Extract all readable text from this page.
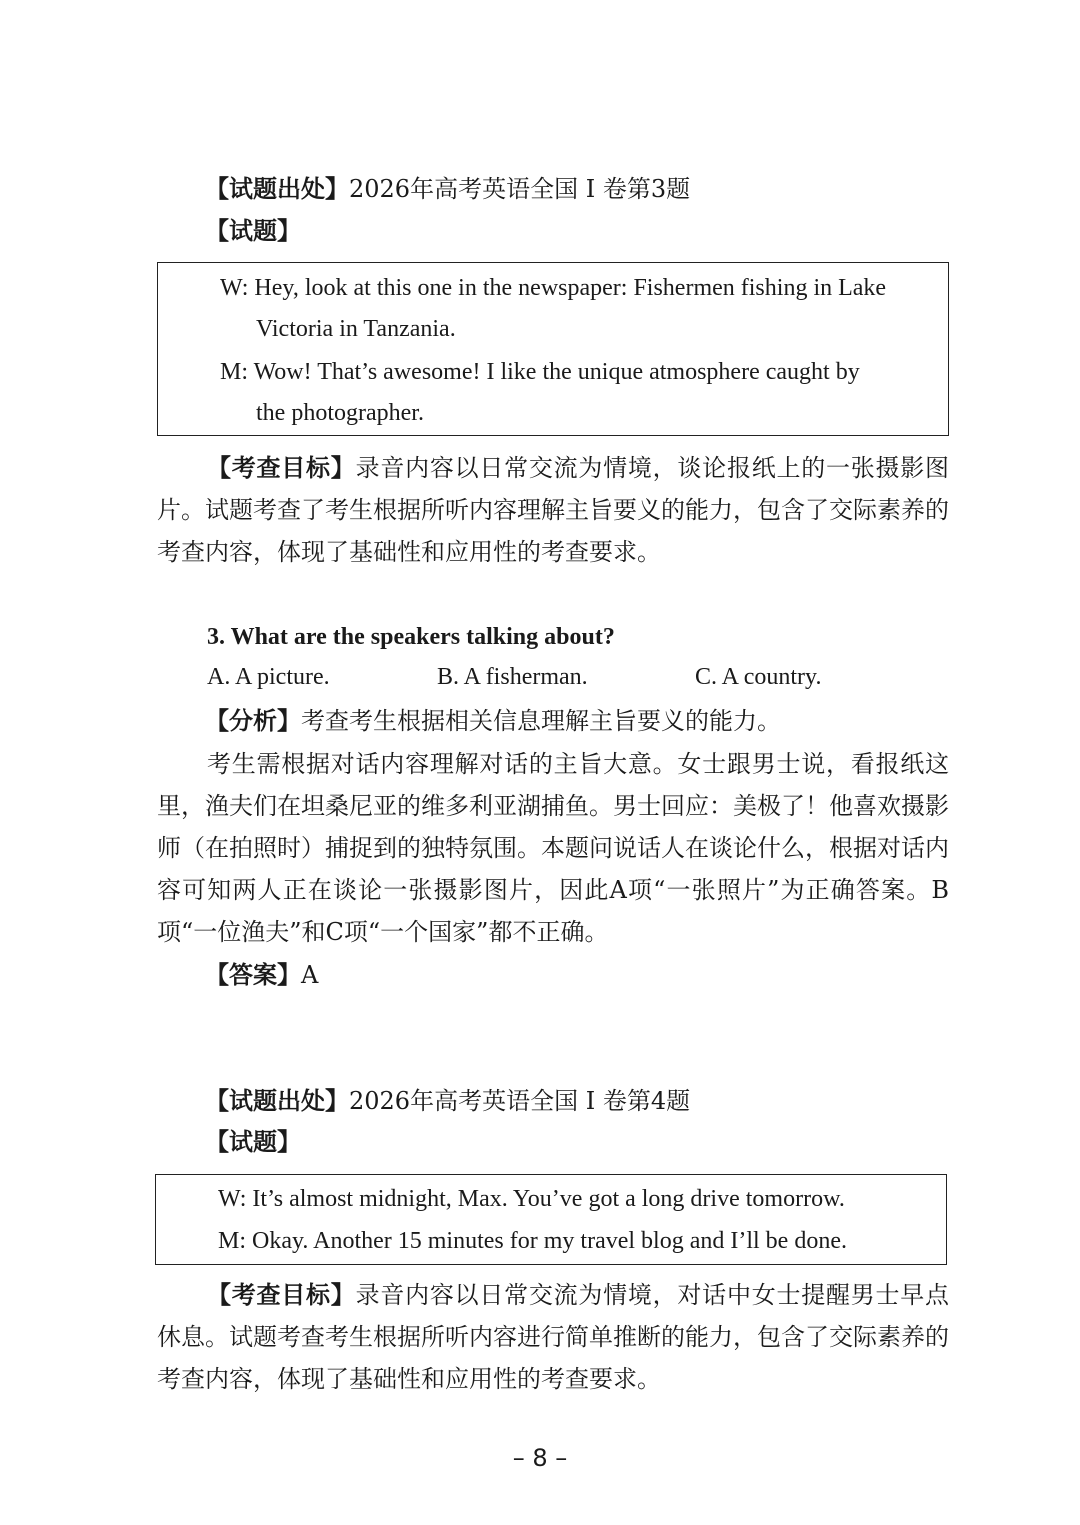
【试题出处】2026年高考英语全国 I 卷第3题
【试题】
W: Hey, look at this one in the newspaper: Fishermen fishing in Lake
Victoria in Tanzania.
M: Wow! That’s awesome! I like the unique atmosphere caught by
the photographer.
【考查目标】录音内容以日常交流为情境，谈论报纸上的一张摄影图片。试题考查了考生根据所听内容理解主旨要义的能力，包含了交际素养的考查内容，体现了基础性和应用性的考查要求。
3. What are the speakers talking about?
A. A picture.	B. A fisherman.	C. A country.
【分析】考查考生根据相关信息理解主旨要义的能力。
考生需根据对话内容理解对话的主旨大意。女士跟男士说，看报纸这里，渔夫们在坦桑尼亚的维多利亚湖捕鱼。男士回应：美极了！他喜欢摄影师（在拍照时）捕捉到的独特氛围。本题问说话人在谈论什么，根据对话内容可知两人正在谈论一张摄影图片，因此A项“一张照片”为正确答案。B项“一位渔夫”和C项“一个国家”都不正确。
【答案】A
【试题出处】2026年高考英语全国 I 卷第4题
【试题】
W: It’s almost midnight, Max. You’ve got a long drive tomorrow.
M: Okay. Another 15 minutes for my travel blog and I’ll be done.
【考查目标】录音内容以日常交流为情境，对话中女士提醒男士早点休息。试题考查考生根据所听内容进行简单推断的能力，包含了交际素养的考查内容，体现了基础性和应用性的考查要求。
– 8 –
